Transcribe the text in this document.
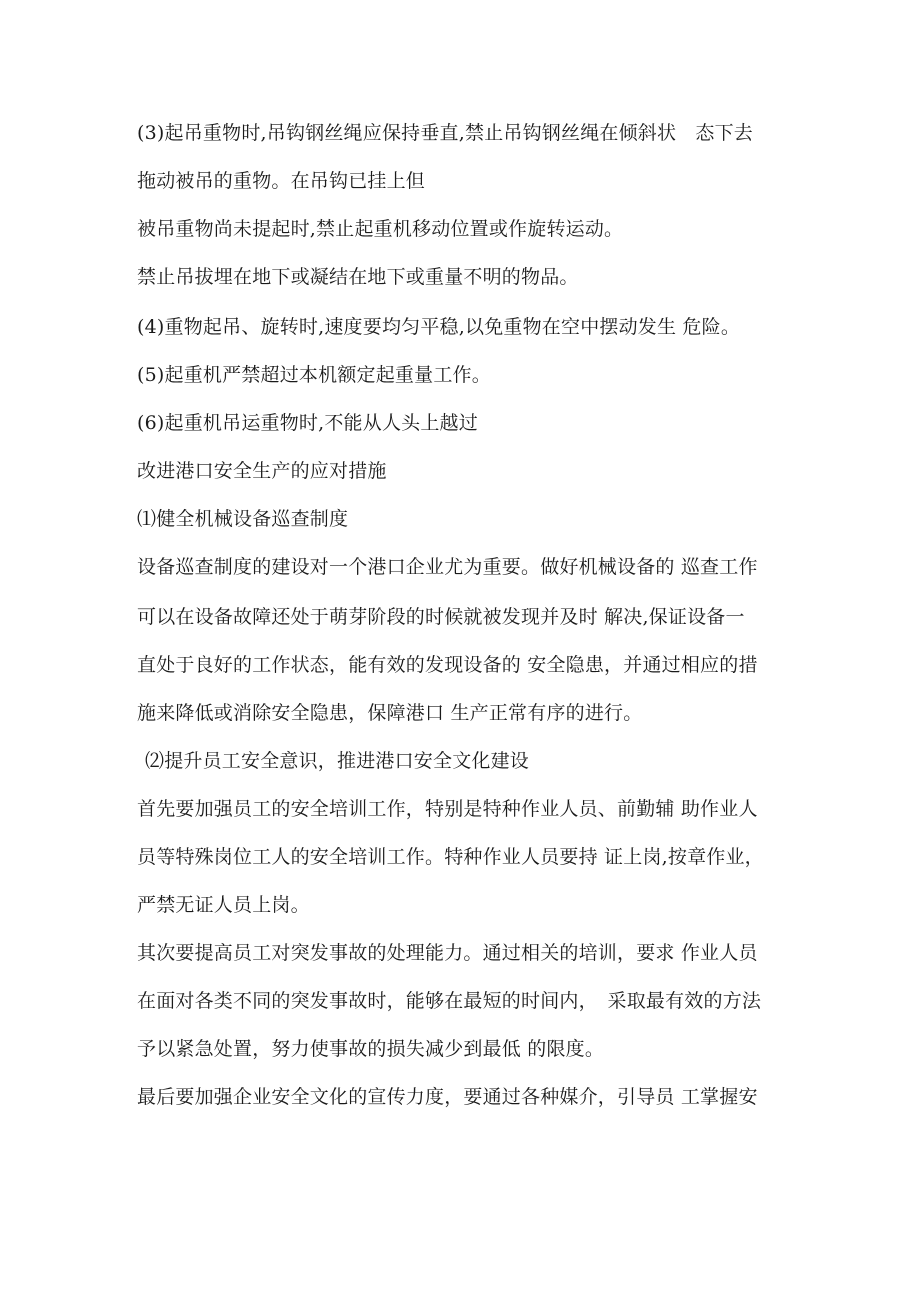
(3)起吊重物时,吊钩钢丝绳应保持垂直,禁止吊钩钢丝绳在倾斜状　态下去
拖动被吊的重物。在吊钩已挂上但
被吊重物尚未提起时,禁止起重机移动位置或作旋转运动。
禁止吊拔埋在地下或凝结在地下或重量不明的物品。
(4)重物起吊、旋转时,速度要均匀平稳,以免重物在空中摆动发生 危险。
(5)起重机严禁超过本机额定起重量工作。
(6)起重机吊运重物时,不能从人头上越过
改进港口安全生产的应对措施
⑴健全机械设备巡查制度
设备巡查制度的建设对一个港口企业尤为重要。做好机械设备的 巡查工作
可以在设备故障还处于萌芽阶段的时候就被发现并及时 解决,保证设备一
直处于良好的工作状态，能有效的发现设备的 安全隐患，并通过相应的措
施来降低或消除安全隐患，保障港口 生产正常有序的进行。
⑵提升员工安全意识，推进港口安全文化建设
首先要加强员工的安全培训工作，特别是特种作业人员、前勤辅 助作业人
员等特殊岗位工人的安全培训工作。特种作业人员要持 证上岗,按章作业，
严禁无证人员上岗。
其次要提高员工对突发事故的处理能力。通过相关的培训，要求 作业人员
在面对各类不同的突发事故时，能够在最短的时间内，　采取最有效的方法
予以紧急处置，努力使事故的损失减少到最低 的限度。
最后要加强企业安全文化的宣传力度，要通过各种媒介，引导员 工掌握安
